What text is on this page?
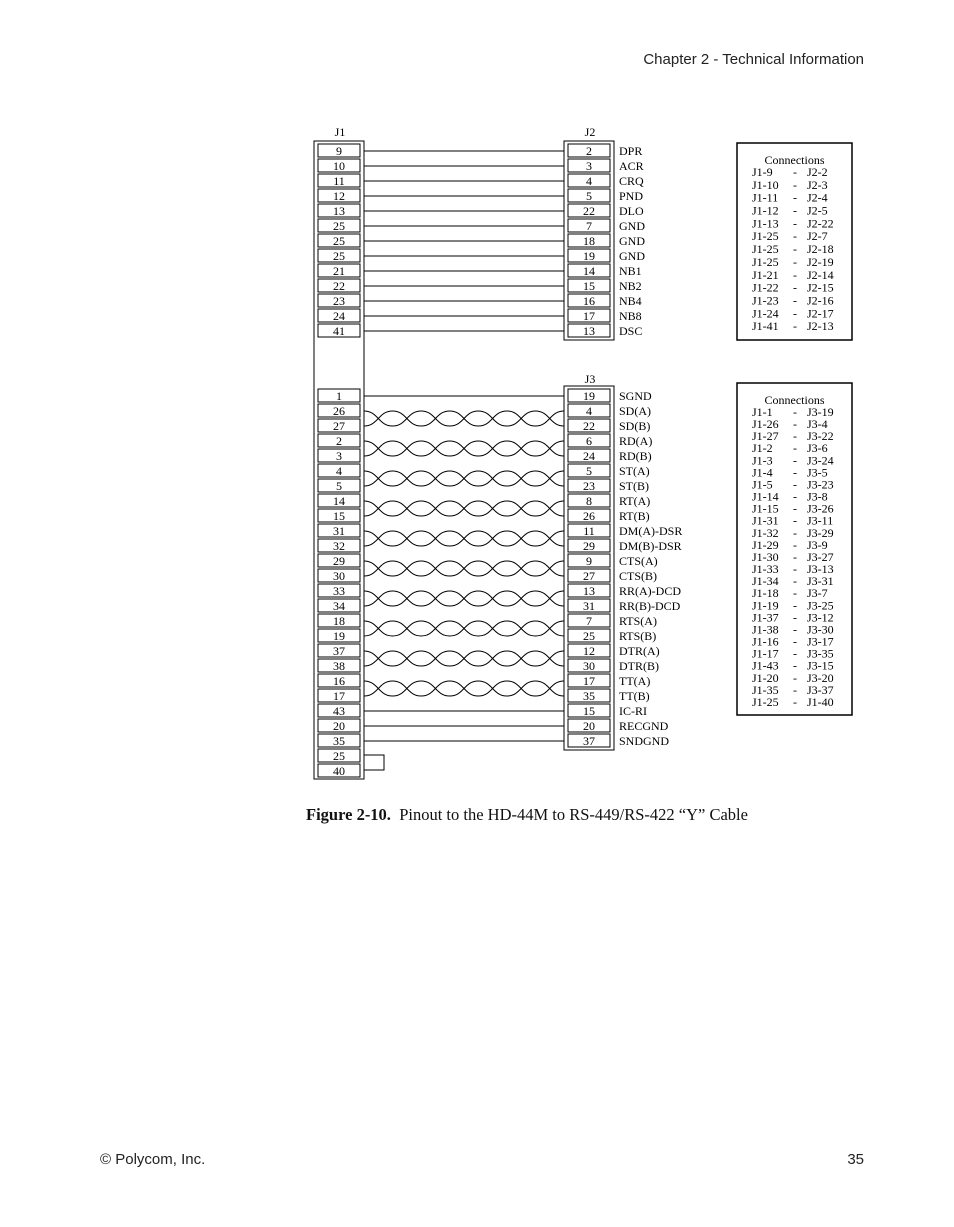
Chapter 2 - Technical Information
J1	J2
J3
9
10
11
12
13
25
25
25
21
22
23
24
41
1
26
27
2
3
4
5
14
15
31
32
29
30
33
34
18
19
37
38
16
17
43
20
35
25
40
2
3
4
5
22
7
18
19
14
15
16
17
13
DPR
ACR
CRQ
PND
DLO
GND
GND
GND
NB1
NB2
NB4
NB8
DSC
19
4
22
6
24
5
23
8
26
11
29
9
27
13
31
7
25
12
30
17
35
15
20
37
SGND
SD(A)
SD(B)
RD(A)
RD(B)
ST(A)
ST(B)
RT(A)
RT(B)
DM(A)-DSR
DM(B)-DSR
CTS(A)
CTS(B)
RR(A)-DCD
RR(B)-DCD
RTS(A)
RTS(B)
DTR(A)
DTR(B)
TT(A)
TT(B)
IC-RI
RECGND
SNDGND
Connections
J1-9 - J2-2
J1-10 - J2-3
J1-11 - J2-4
J1-12 - J2-5
J1-13 - J2-22
J1-25 - J2-7
J1-25 - J2-18
J1-25 - J2-19
J1-21 - J2-14
J1-22 - J2-15
J1-23 - J2-16
J1-24 - J2-17
J1-41 - J2-13
Connections
J1-1 - J3-19
J1-26 - J3-4
J1-27 - J3-22
J1-2 - J3-6
J1-3 - J3-24
J1-4 - J3-5
J1-5 - J3-23
J1-14 - J3-8
J1-15 - J3-26
J1-31 - J3-11
J1-32 - J3-29
J1-29 - J3-9
J1-30 - J3-27
J1-33 - J3-13
J1-34 - J3-31
J1-18 - J3-7
J1-19 - J3-25
J1-37 - J3-12
J1-38 - J3-30
J1-16 - J3-17
J1-17 - J3-35
J1-43 - J3-15
J1-20 - J3-20
J1-35 - J3-37
J1-25 - J1-40
Figure 2-10. Pinout to the HD-44M to RS-449/RS-422 “Y” Cable
© Polycom, Inc.	35
